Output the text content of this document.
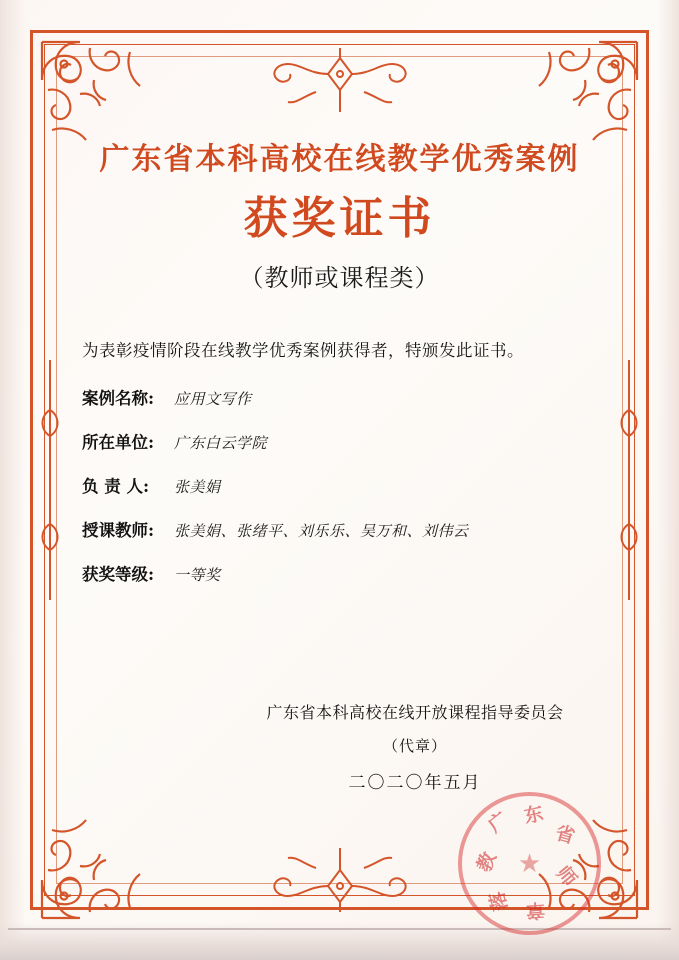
广东省本科高校在线教学优秀案例
获奖证书
（教师或课程类）
为表彰疫情阶段在线教学优秀案例获得者，特颁发此证书。
案例名称:	应用文写作
所在单位:	广东白云学院
负 责 人:	张美娟
授课教师:	张美娟、张绪平、刘乐乐、吴万和、刘伟云
获奖等级:	一等奖
广东省本科高校在线开放课程指导委员会
（代章）
二〇二〇年五月
广 东
省
教	师
落 章
★
